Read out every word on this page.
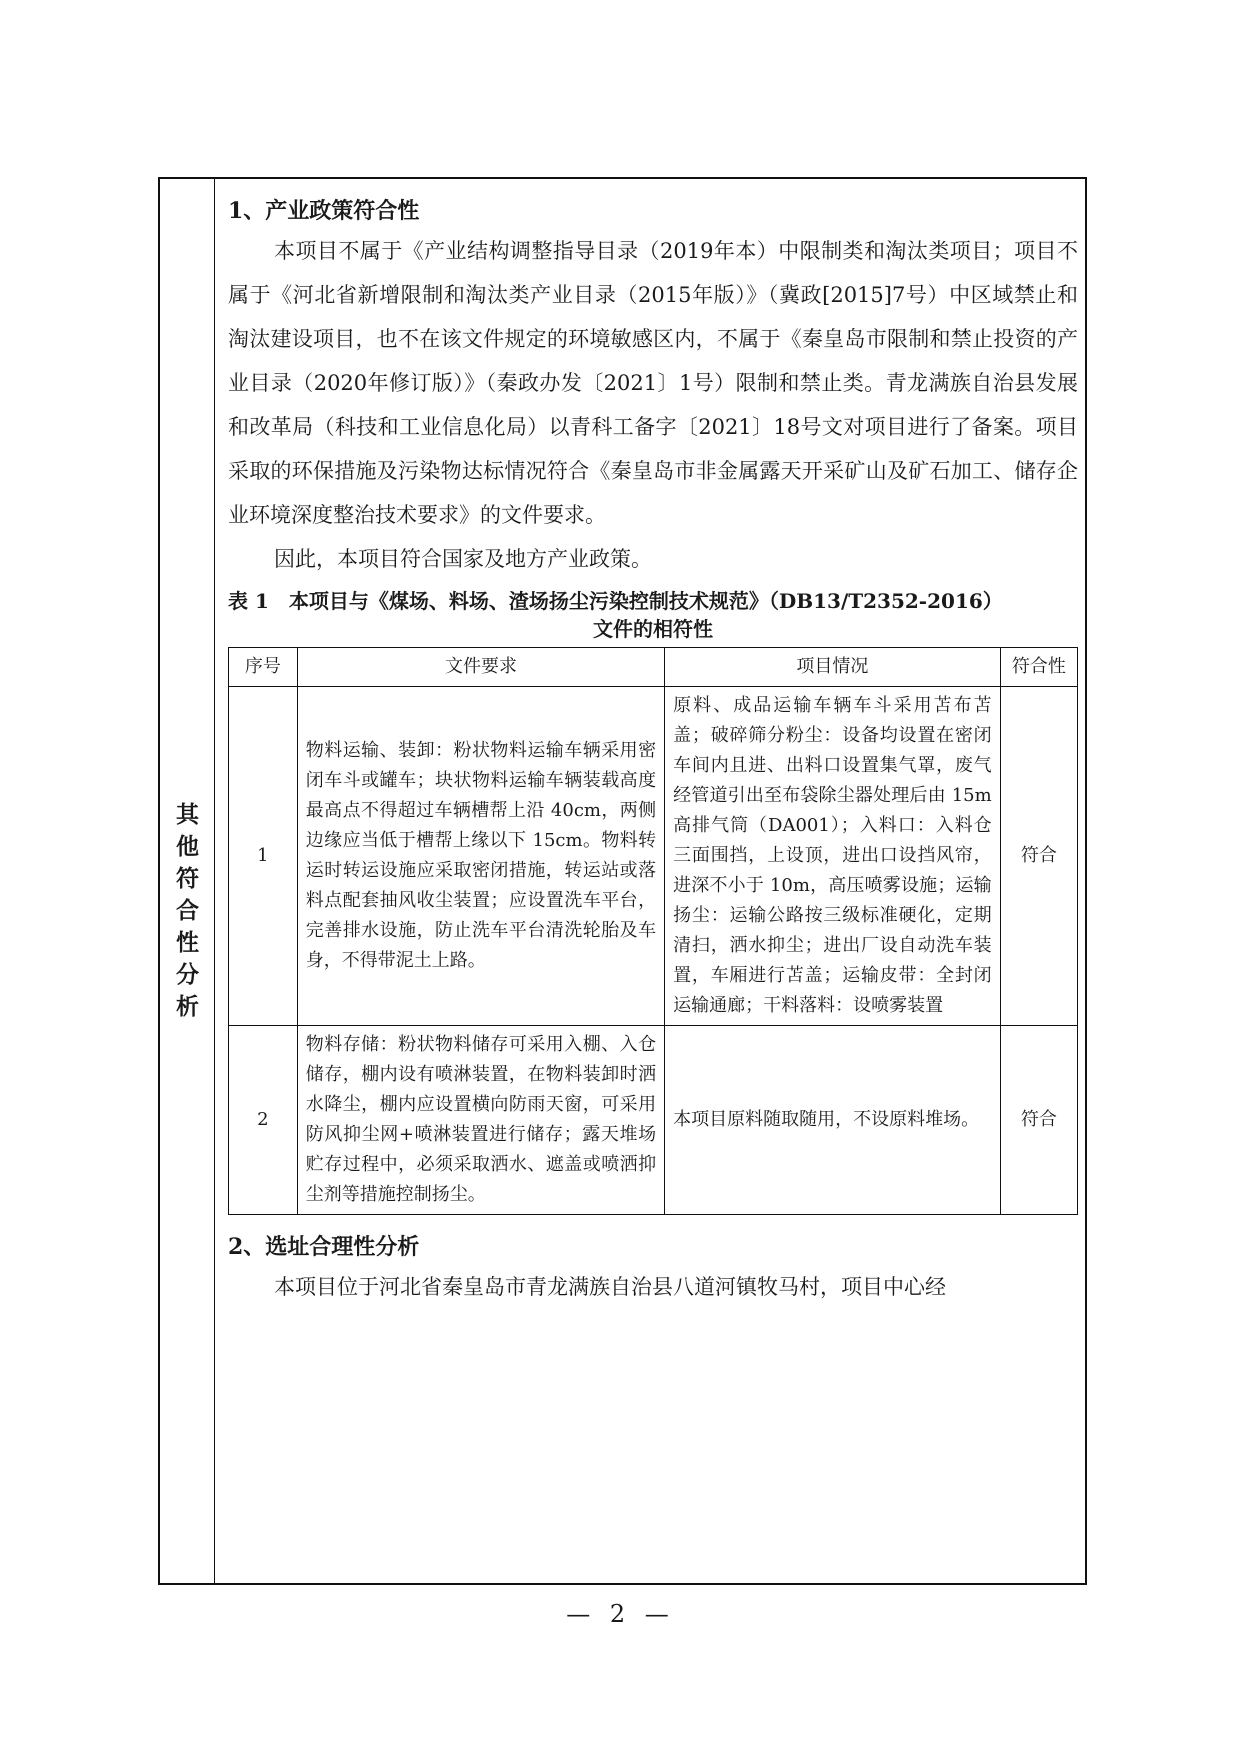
其
他
符
合
性
分
析
1、产业政策符合性

本项目不属于《产业结构调整指导目录（2019年本）中限制类和淘汰类项目；项目不属于《河北省新增限制和淘汰类产业目录（2015年版）》（冀政[2015]7号）中区域禁止和淘汰建设项目，也不在该文件规定的环境敏感区内，不属于《秦皇岛市限制和禁止投资的产业目录（2020年修订版）》（秦政办发〔2021〕1号）限制和禁止类。青龙满族自治县发展和改革局（科技和工业信息化局）以青科工备字〔2021〕18号文对项目进行了备案。项目采取的环保措施及污染物达标情况符合《秦皇岛市非金属露天开采矿山及矿石加工、储存企业环境深度整治技术要求》的文件要求。

因此，本项目符合国家及地方产业政策。

表 1　本项目与《煤场、料场、渣场扬尘污染控制技术规范》（DB13/T2352-2016）
文件的相符性
序号	文件要求	项目情况	符合性
1	物料运输、装卸：粉状物料运输车辆采用密闭车斗或罐车；块状物料运输车辆装载高度最高点不得超过车辆槽帮上沿 40cm，两侧边缘应当低于槽帮上缘以下 15cm。物料转运时转运设施应采取密闭措施，转运站或落料点配套抽风收尘装置；应设置洗车平台，完善排水设施，防止洗车平台清洗轮胎及车身，不得带泥土上路。	原料、成品运输车辆车斗采用苫布苫盖；破碎筛分粉尘：设备均设置在密闭车间内且进、出料口设置集气罩，废气经管道引出至布袋除尘器处理后由 15m 高排气筒（DA001）；入料口：入料仓三面围挡，上设顶，进出口设挡风帘，进深不小于 10m，高压喷雾设施；运输扬尘：运输公路按三级标准硬化，定期清扫，洒水抑尘；进出厂设自动洗车装置，车厢进行苫盖；运输皮带：全封闭运输通廊；干料落料：设喷雾装置	符合
2	物料存储：粉状物料储存可采用入棚、入仓储存，棚内设有喷淋装置，在物料装卸时洒水降尘，棚内应设置横向防雨天窗，可采用防风抑尘网+喷淋装置进行储存；露天堆场贮存过程中，必须采取洒水、遮盖或喷洒抑尘剂等措施控制扬尘。	本项目原料随取随用，不设原料堆场。	符合
2、选址合理性分析

本项目位于河北省秦皇岛市青龙满族自治县八道河镇牧马村，项目中心经

— 2 —
